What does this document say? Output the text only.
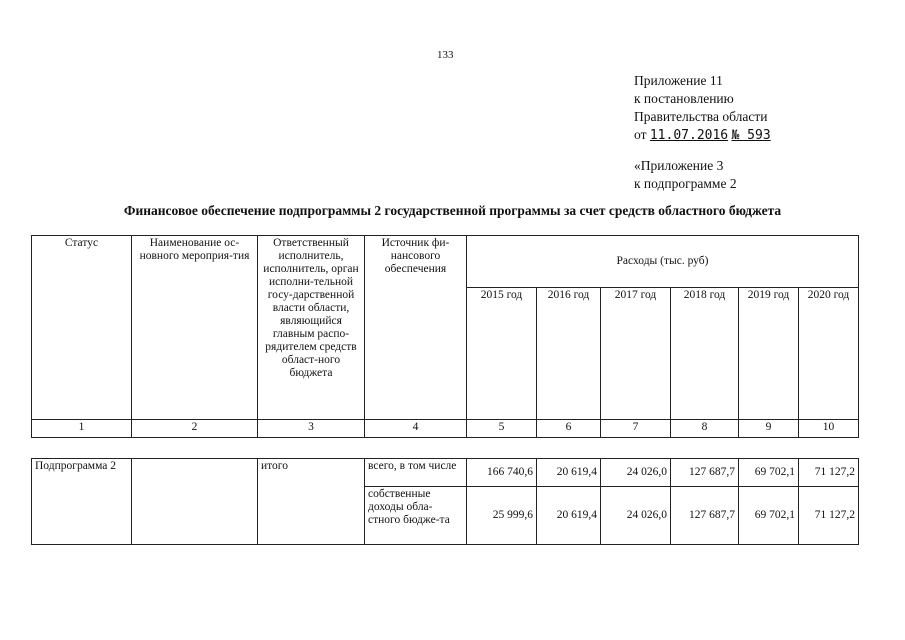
133
Приложение 11
к постановлению
Правительства области
от 11.07.2016 № 593
«Приложение 3
к подпрограмме 2
Финансовое обеспечение подпрограммы 2 государственной программы за счет средств областного бюджета
Статус	Наименование ос-новного мероприя-тия	Ответственный исполнитель, исполнитель, орган исполни-тельной госу-дарственной власти области, являющийся главным распо-рядителем средств област-ного бюджета	Источник фи-нансового обеспечения	Расходы (тыс. руб)					
				2015 год	2016 год	2017 год	2018 год	2019 год	2020 год
1	2	3	4	5	6	7	8	9	10
Подпрограмма 2		итого	всего, в том числе	166 740,6	20 619,4	24 026,0	127 687,7	69 702,1	71 127,2
			собственные доходы обла-стного бюдже-та	25 999,6	20 619,4	24 026,0	127 687,7	69 702,1	71 127,2
